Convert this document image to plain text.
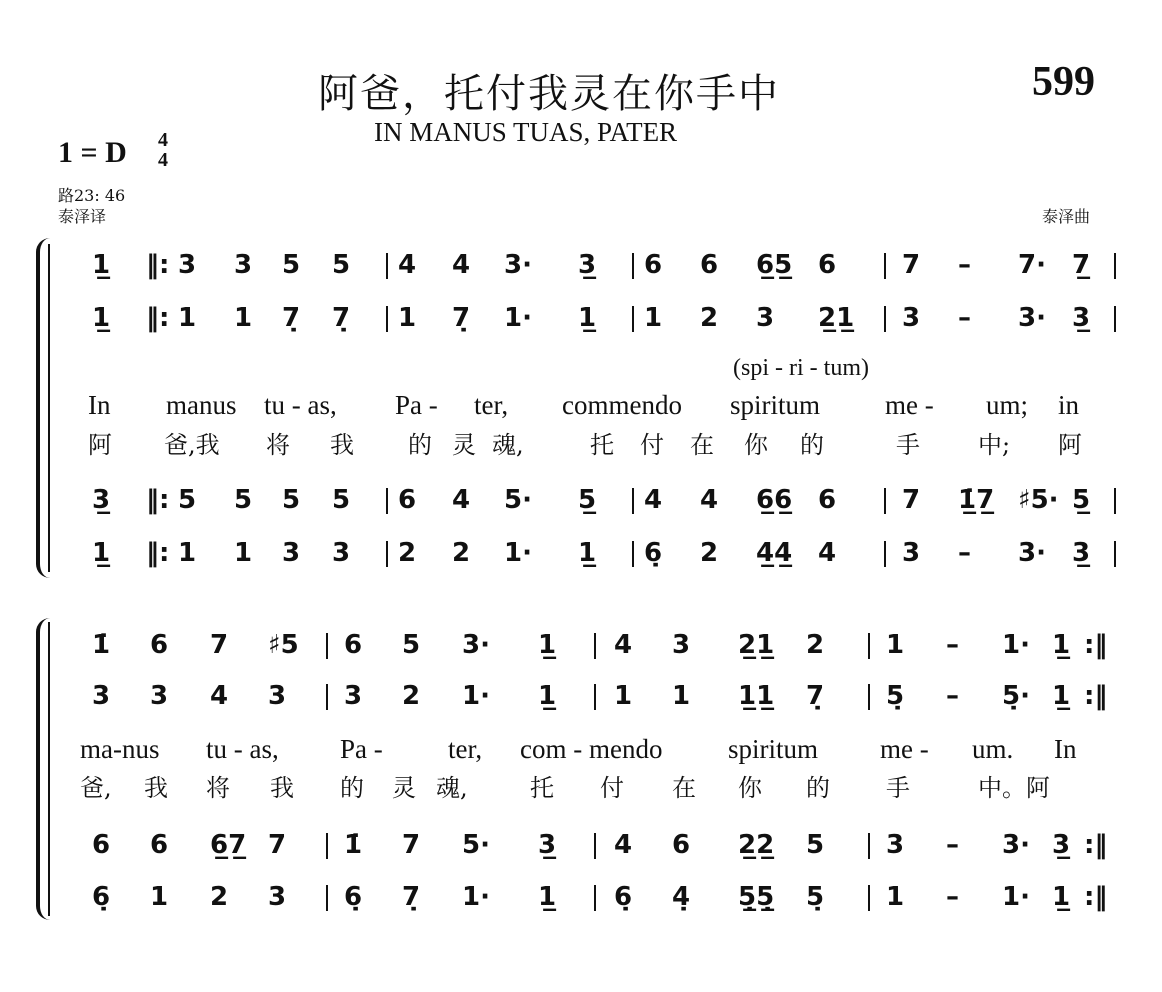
阿爸，托付我灵在你手中
IN MANUS TUAS, PATER
599
1 = D 4
4
路23: 46
泰泽译	泰泽曲
1̲ ‖: 3 3 5 5 4 4 3· 3̲ 6 6 6̲5̲ 6	7 – 7· 7̲
1̲ ‖: 1 1 7̣ 7̣ 1 7̣ 1· 1̲ 1 2 3 2̲1̲ 3 – 3· 3̲
3̲ ‖: 5 5 5 5 6 4 5· 5̲ 4 4 6̲6̲ 6	7 1̲̇7̲ ♯5· 5̲
1̲ ‖: 1 1 3 3 2 2 1· 1̲ 6̣ 2 4̲4̲ 4	3 – 3· 3̲
1̇ 6 7 ♯5 6 5 3· 1̲ 4 3 2̲1̲ 2 1 – 1· 1̲ :‖
3 3 4 3 3 2 1· 1̲ 1 1 1̲1̲ 7̣ 5̣ – 5̣· 1̲ :‖
6 6 6̲7̲ 7 1̇ 7 5· 3̲ 4 6 2̲2̲ 5 3 – 3· 3̲ :‖
6̣ 1 2 3 6̣ 7̣ 1· 1̲ 6̣ 4̣ 5̣̲5̣̲ 5̣ 1 – 1· 1̲ :‖
(spi - ri - tum)
In manus tu - as, Pa - ter, commendo spiritum me - um; in
阿 爸,我 将 我 的 灵 魂,	托 付 在 你 的	手 中; 阿
ma-nus tu - as, Pa - ter, com - mendo spiritum me - um. In
爸, 我 将 我 的 灵 魂,	托 付 在 你 的 手	中。阿
